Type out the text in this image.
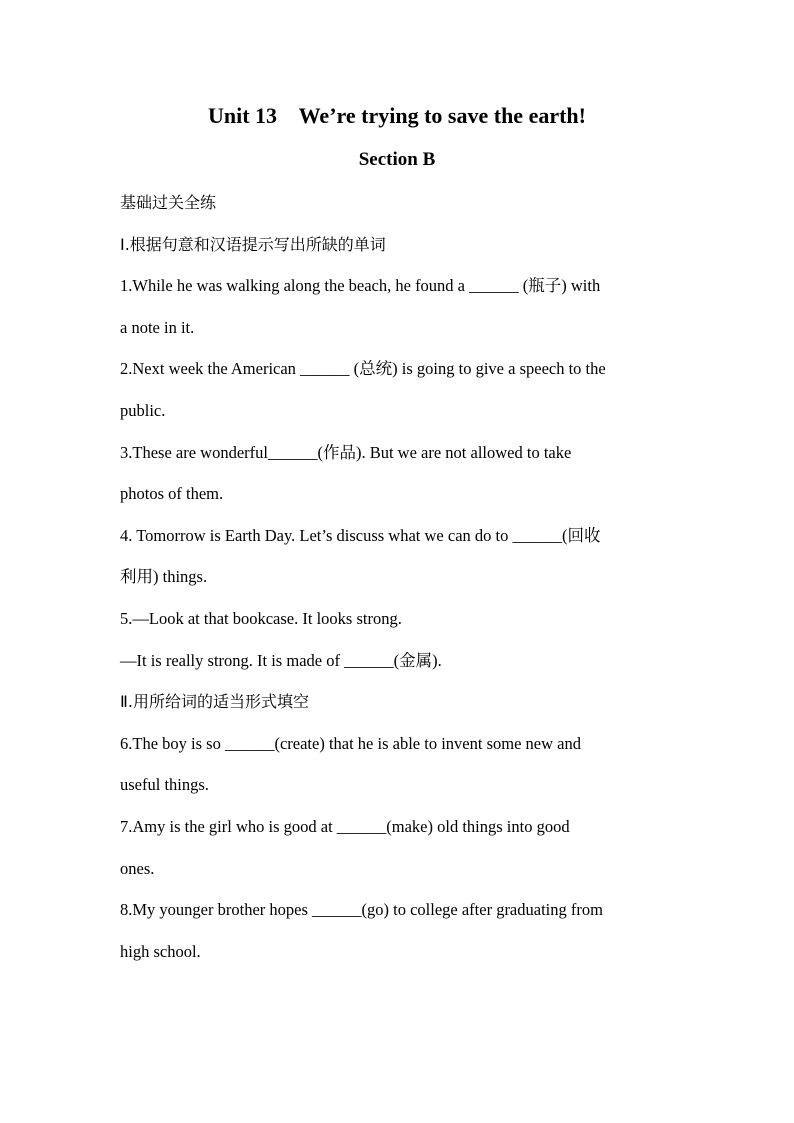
Unit 13    We’re trying to save the earth!
Section B
基础过关全练
Ⅰ.根据句意和汉语提示写出所缺的单词
1.While he was walking along the beach, he found a ______ (瓶子) with
a note in it.
2.Next week the American ______ (总统) is going to give a speech to the
public.
3.These are wonderful______(作品). But we are not allowed to take
photos of them.
4. Tomorrow is Earth Day. Let’s discuss what we can do to ______(回收
利用) things.
5.—Look at that bookcase. It looks strong.
—It is really strong. It is made of ______(金属).
Ⅱ.用所给词的适当形式填空
6.The boy is so ______(create) that he is able to invent some new and
useful things.
7.Amy is the girl who is good at ______(make) old things into good
ones.
8.My younger brother hopes ______(go) to college after graduating from
high school.
